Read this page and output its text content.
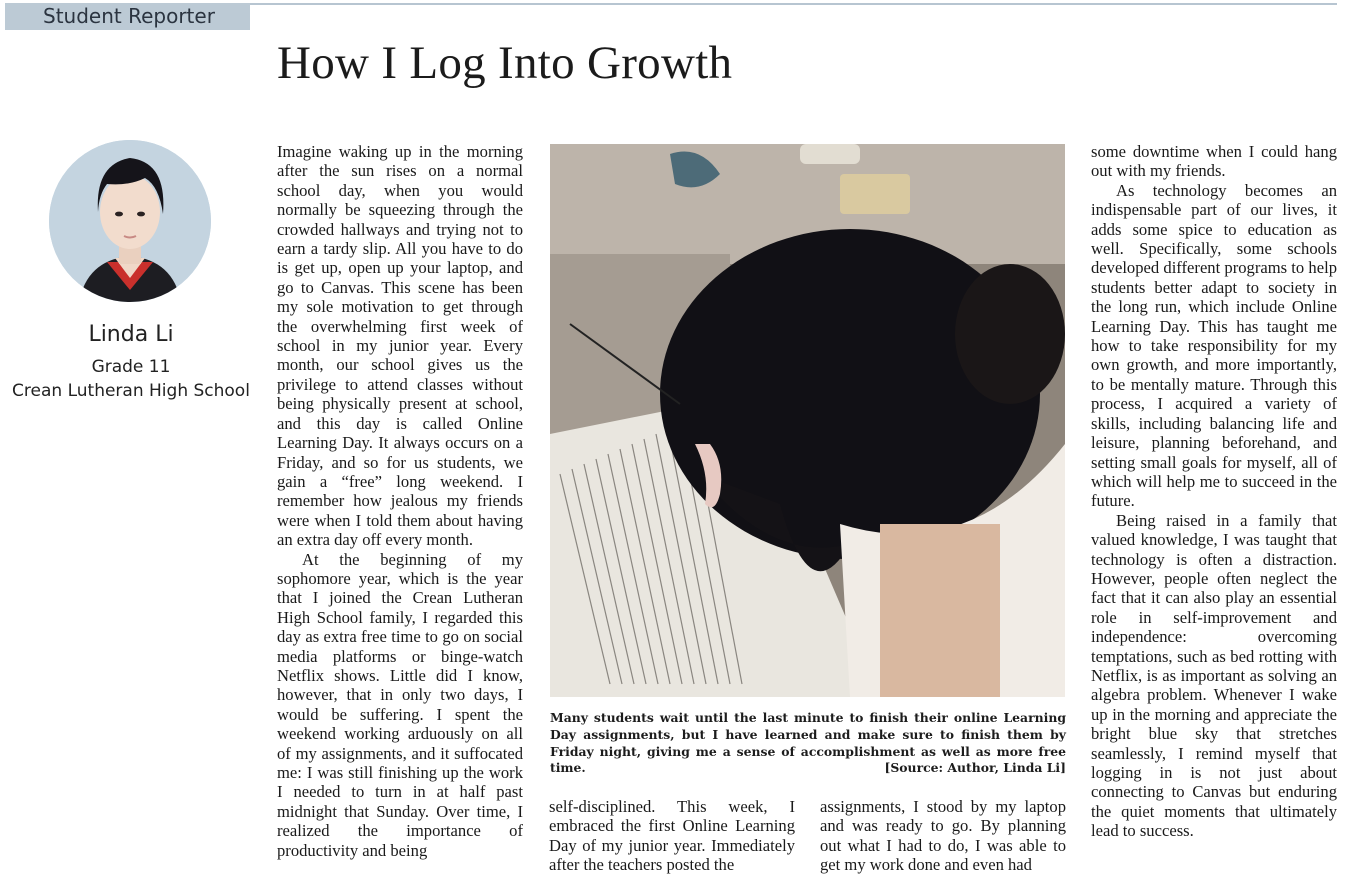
Student Reporter
How I Log Into Growth
Linda Li
Grade 11
Crean Lutheran High School

Imagine waking up in the morning after the sun rises on a normal school day, when you would normally be squeezing through the crowded hallways and trying not to earn a tardy slip. All you have to do is get up, open up your laptop, and go to Canvas. This scene has been my sole motivation to get through the overwhelming first week of school in my junior year. Every month, our school gives us the privilege to attend classes without being physically present at school, and this day is called Online Learning Day. It always occurs on a Friday, and so for us students, we gain a “free” long weekend. I remember how jealous my friends were when I told them about having an extra day off every month.

At the beginning of my sophomore year, which is the year that I joined the Crean Lutheran High School family, I regarded this day as extra free time to go on social media platforms or binge-watch Netflix shows. Little did I know, however, that in only two days, I would be suffering. I spent the weekend working arduously on all of my assignments, and it suffocated me: I was still finishing up the work I needed to turn in at half past midnight that Sunday. Over time, I realized the importance of productivity and being

Many students wait until the last minute to finish their online Learning Day assignments, but I have learned and make sure to finish them by Friday night, giving me a sense of accomplishment as well as more free time.	[Source: Author, Linda Li]

self-disciplined. This week, I embraced the first Online Learning Day of my junior year. Immediately after the teachers posted the

assignments, I stood by my laptop and was ready to go. By planning out what I had to do, I was able to get my work done and even had

some downtime when I could hang out with my friends.

As technology becomes an indispensable part of our lives, it adds some spice to education as well. Specifically, some schools developed different programs to help students better adapt to society in the long run, which include Online Learning Day. This has taught me how to take responsibility for my own growth, and more importantly, to be mentally mature. Through this process, I acquired a variety of skills, including balancing life and leisure, planning beforehand, and setting small goals for myself, all of which will help me to succeed in the future.

Being raised in a family that valued knowledge, I was taught that technology is often a distraction. However, people often neglect the fact that it can also play an essential role in self-improvement and independence: overcoming temptations, such as bed rotting with Netflix, is as important as solving an algebra problem. Whenever I wake up in the morning and appreciate the bright blue sky that stretches seamlessly, I remind myself that logging in is not just about connecting to Canvas but enduring the quiet moments that ultimately lead to success.
